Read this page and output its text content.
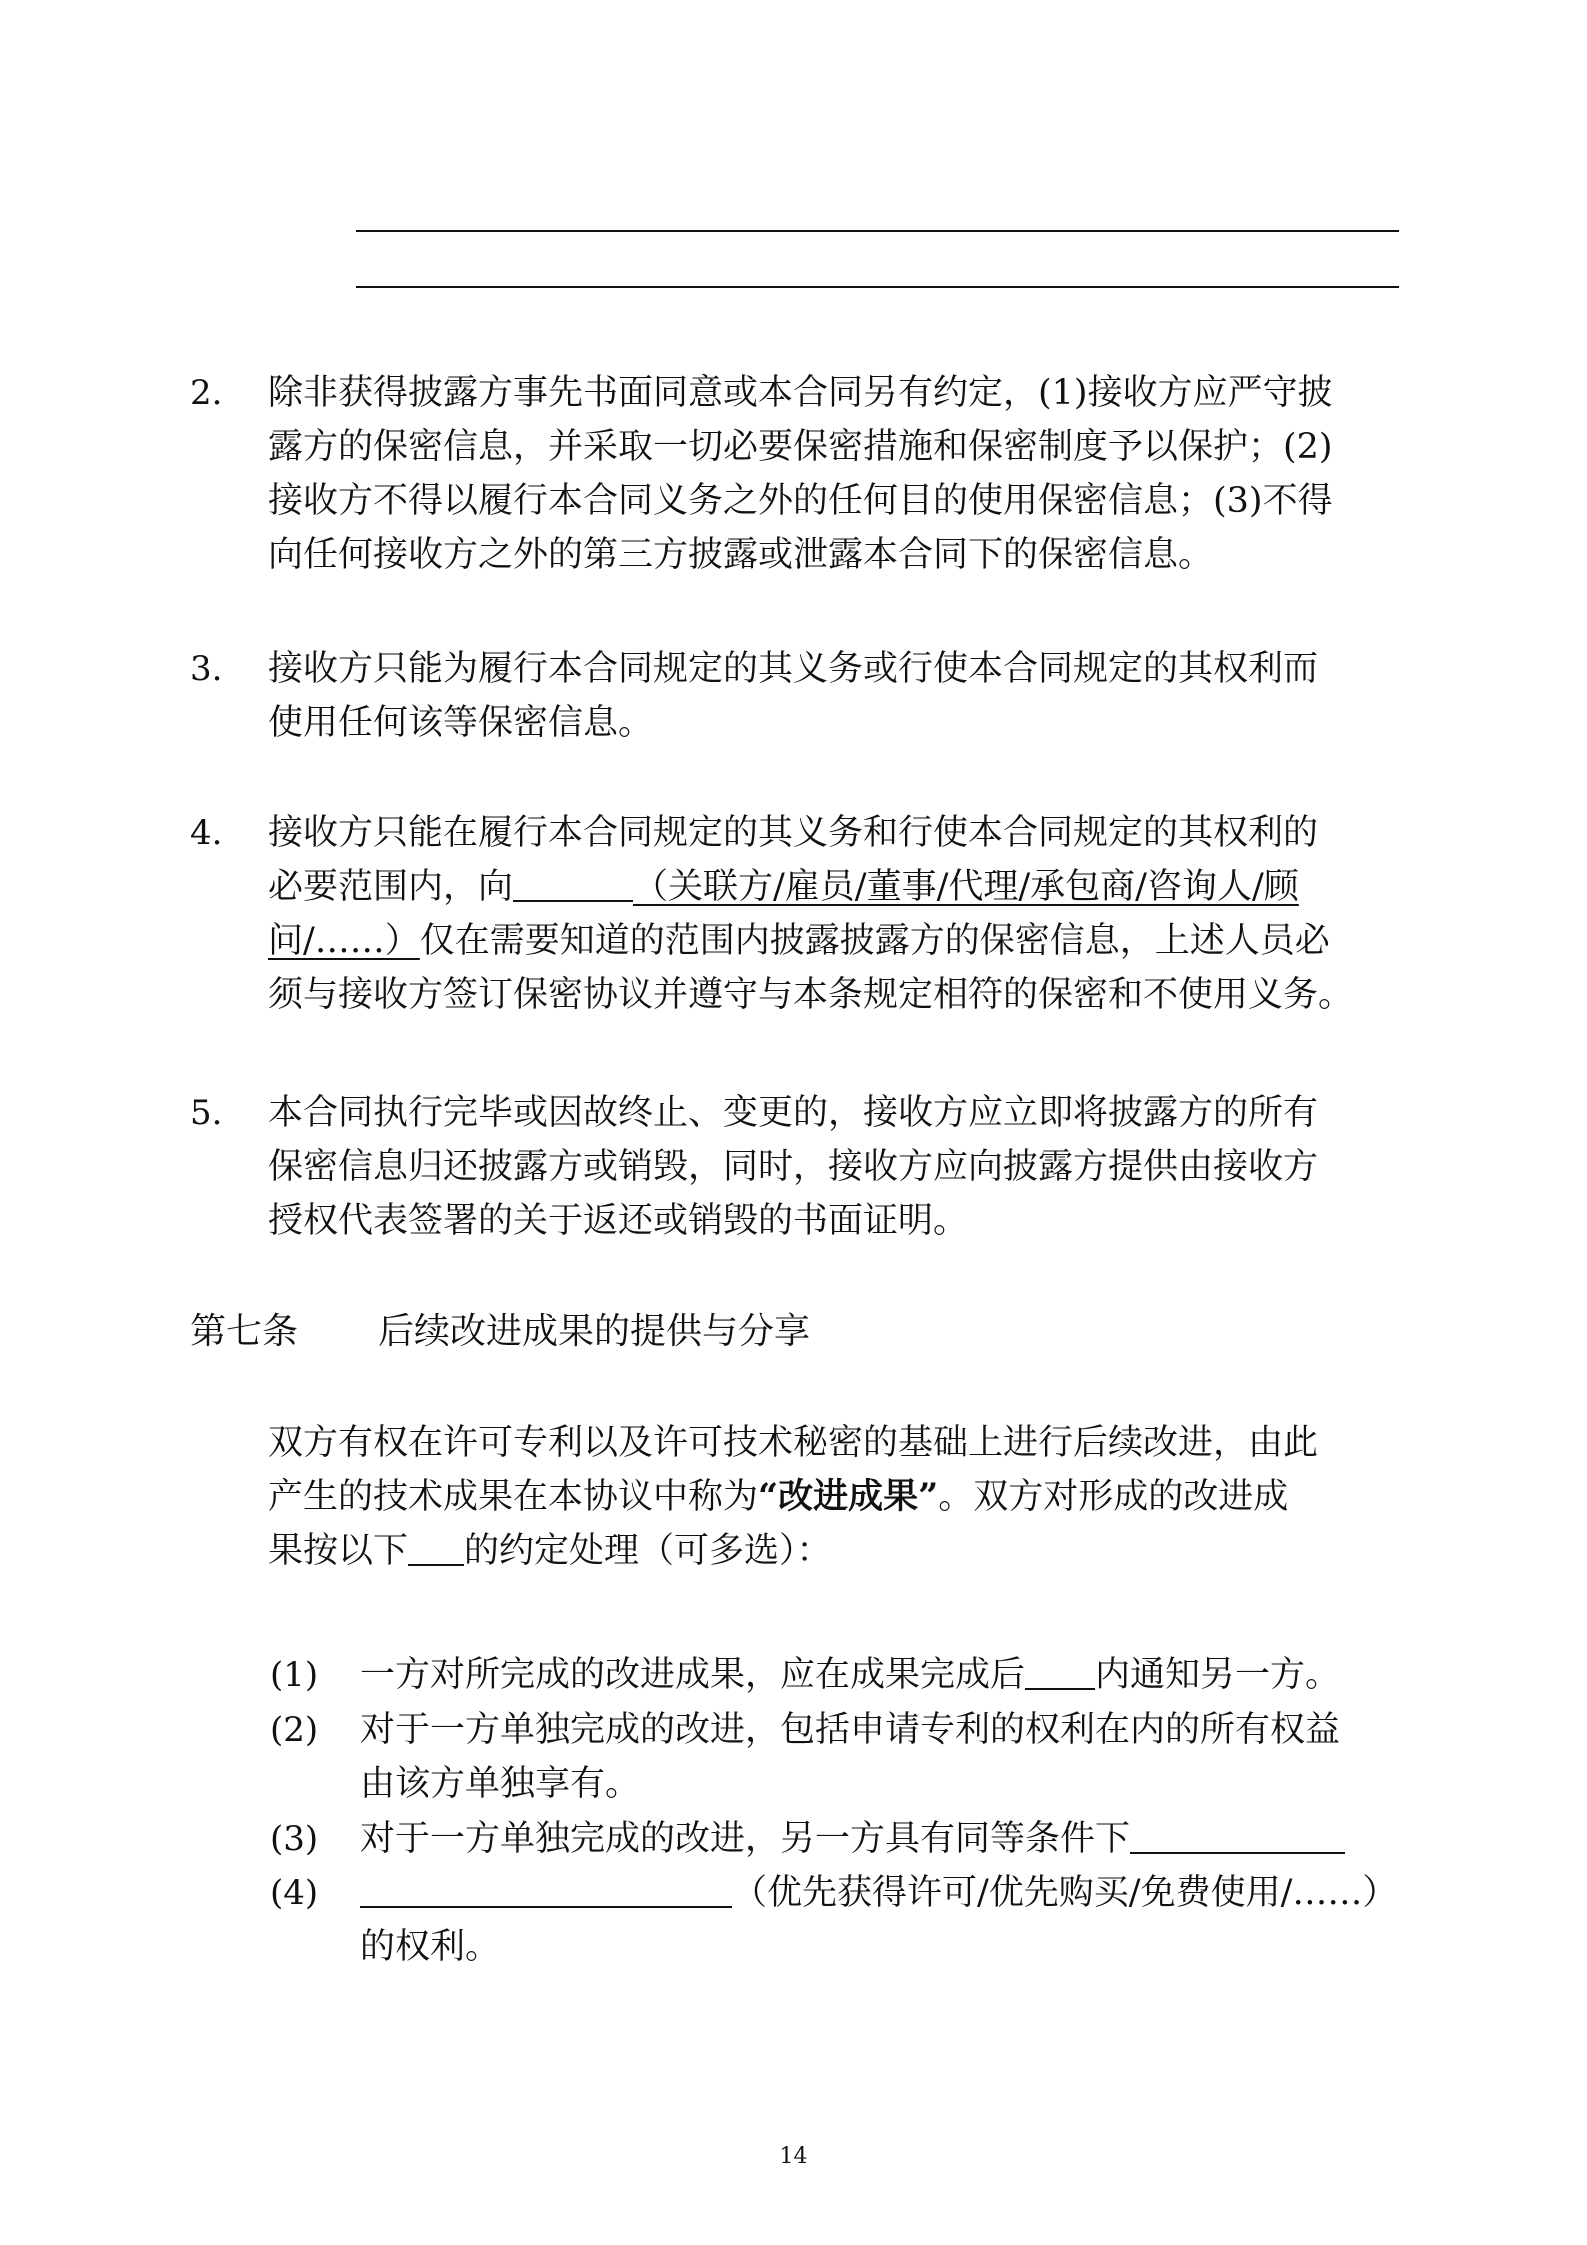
2. 除非获得披露方事先书面同意或本合同另有约定，(1)接收方应严守披
露方的保密信息，并采取一切必要保密措施和保密制度予以保护；(2)
接收方不得以履行本合同义务之外的任何目的使用保密信息；(3)不得
向任何接收方之外的第三方披露或泄露本合同下的保密信息。
3. 接收方只能为履行本合同规定的其义务或行使本合同规定的其权利而
使用任何该等保密信息。
4. 接收方只能在履行本合同规定的其义务和行使本合同规定的其权利的
必要范围内，向	（关联方/雇员/董事/代理/承包商/咨询人/顾
问/……）仅在需要知道的范围内披露披露方的保密信息，上述人员必
须与接收方签订保密协议并遵守与本条规定相符的保密和不使用义务。
5. 本合同执行完毕或因故终止、变更的，接收方应立即将披露方的所有
保密信息归还披露方或销毁，同时，接收方应向披露方提供由接收方
授权代表签署的关于返还或销毁的书面证明。
第七条 后续改进成果的提供与分享
双方有权在许可专利以及许可技术秘密的基础上进行后续改进，由此
产生的技术成果在本协议中称为“改进成果”。双方对形成的改进成
果按以下 的约定处理（可多选）：
(1) 一方对所完成的改进成果，应在成果完成后 内通知另一方。
(2) 对于一方单独完成的改进，包括申请专利的权利在内的所有权益
由该方单独享有。
(3) 对于一方单独完成的改进，另一方具有同等条件下
(4)	（优先获得许可/优先购买/免费使用/……）
的权利。
14
